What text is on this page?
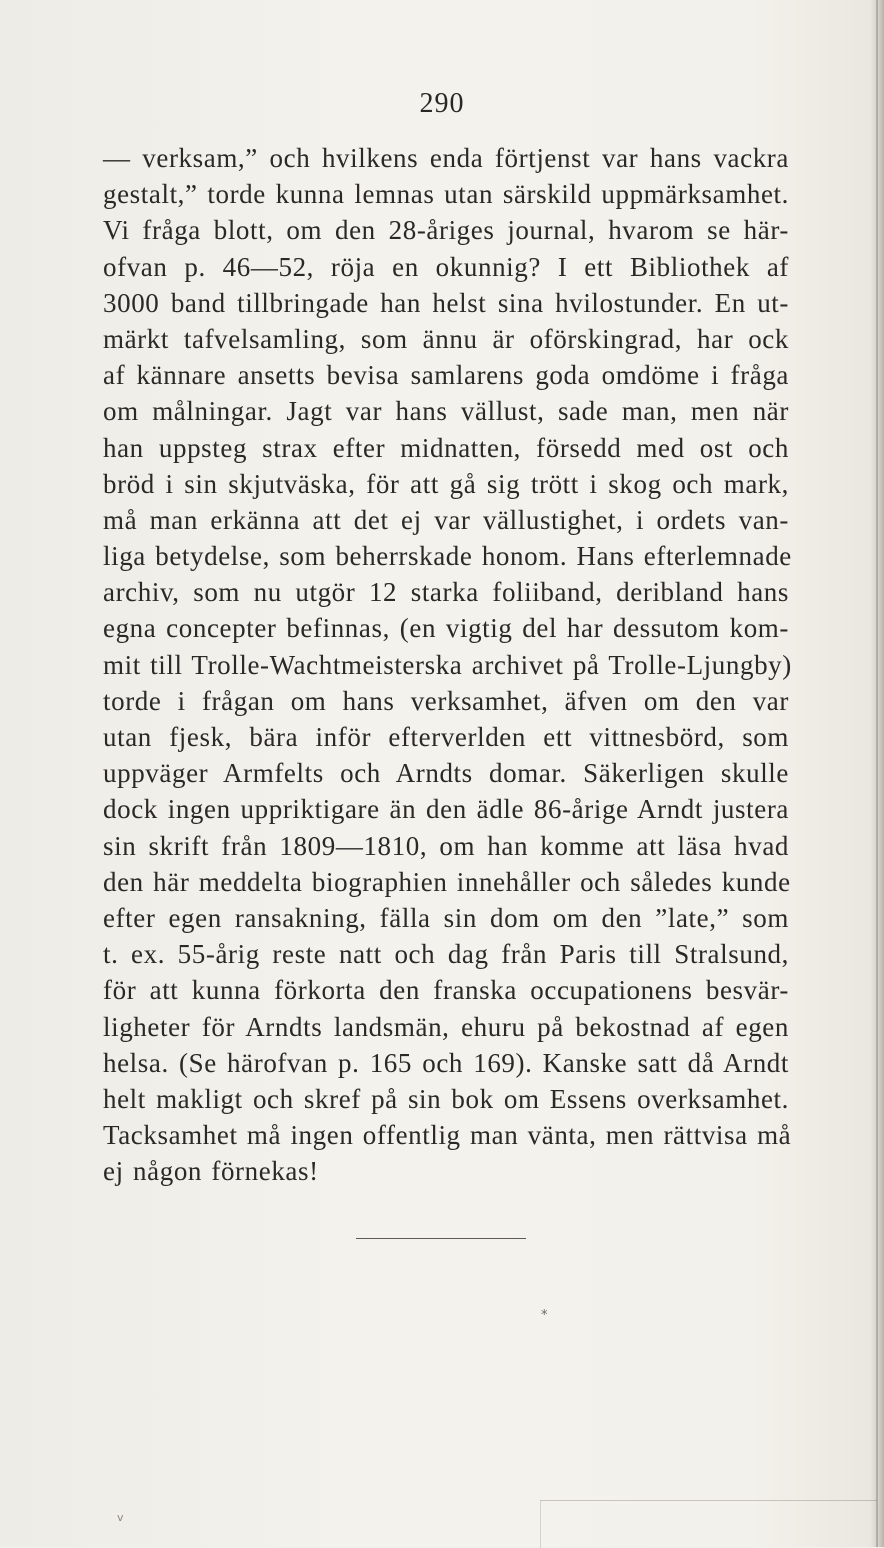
290
— verksam,” och hvilkens enda förtjenst var hans vackra
gestalt,” torde kunna lemnas utan särskild uppmärksamhet.
Vi fråga blott, om den 28-åriges journal, hvarom se här-
ofvan p. 46—52, röja en okunnig? I ett Bibliothek af
3000 band tillbringade han helst sina hvilostunder. En ut-
märkt tafvelsamling, som ännu är oförskingrad, har ock
af kännare ansetts bevisa samlarens goda omdöme i fråga
om målningar. Jagt var hans vällust, sade man, men när
han uppsteg strax efter midnatten, försedd med ost och
bröd i sin skjutväska, för att gå sig trött i skog och mark,
må man erkänna att det ej var vällustighet, i ordets van-
liga betydelse, som beherrskade honom. Hans efterlemnade
archiv, som nu utgör 12 starka foliiband, deribland hans
egna concepter befinnas, (en vigtig del har dessutom kom-
mit till Trolle-Wachtmeisterska archivet på Trolle-Ljungby)
torde i frågan om hans verksamhet, äfven om den var
utan fjesk, bära inför efterverlden ett vittnesbörd, som
uppväger Armfelts och Arndts domar. Säkerligen skulle
dock ingen uppriktigare än den ädle 86-årige Arndt justera
sin skrift från 1809—1810, om han komme att läsa hvad
den här meddelta biographien innehåller och således kunde
efter egen ransakning, fälla sin dom om den ”late,” som
t. ex. 55-årig reste natt och dag från Paris till Stralsund,
för att kunna förkorta den franska occupationens besvär-
ligheter för Arndts landsmän, ehuru på bekostnad af egen
helsa. (Se härofvan p. 165 och 169). Kanske satt då Arndt
helt makligt och skref på sin bok om Essens overksamhet.
Tacksamhet må ingen offentlig man vänta, men rättvisa må
ej någon förnekas!
*
v
